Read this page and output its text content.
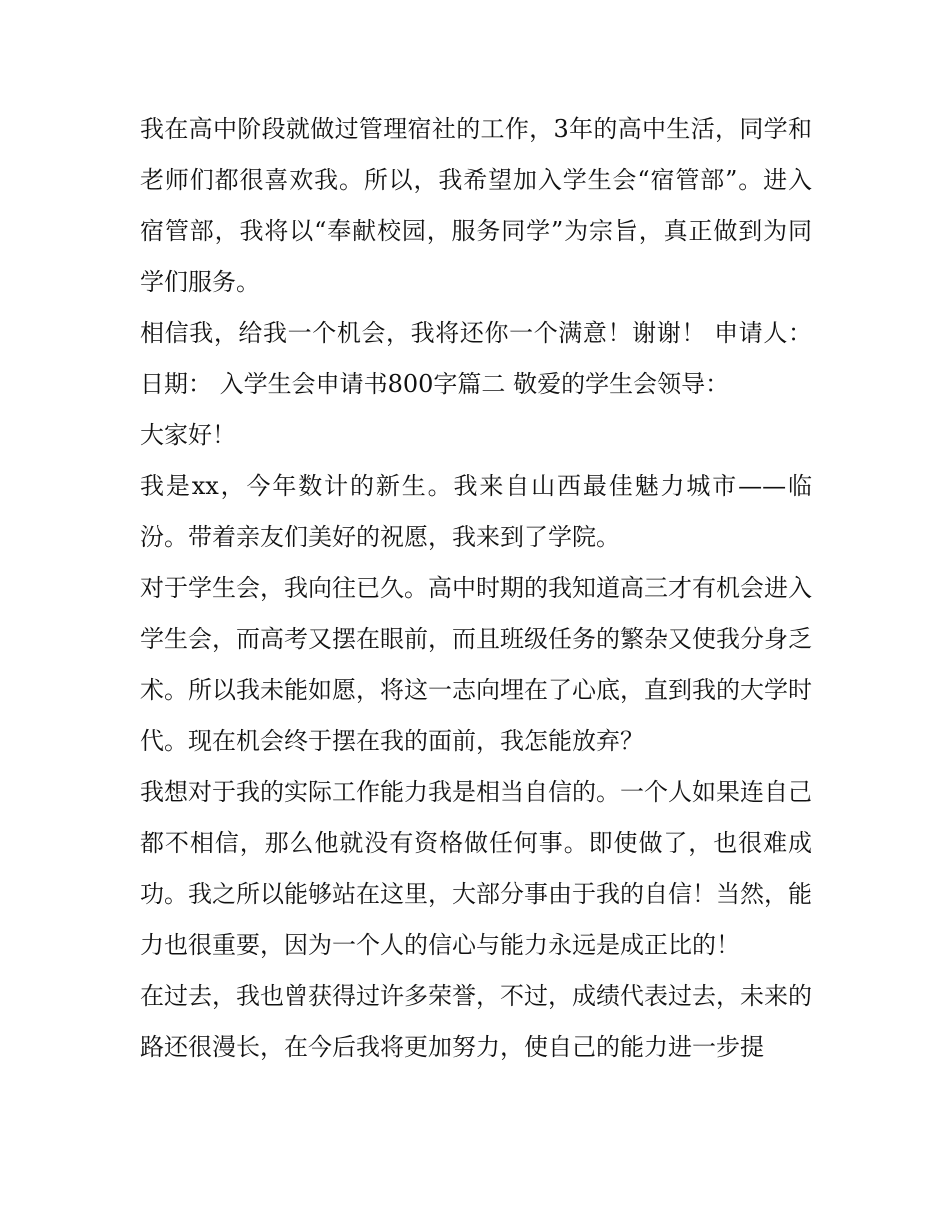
我在高中阶段就做过管理宿社的工作，3年的高中生活，同学和老师们都很喜欢我。所以，我希望加入学生会“宿管部”。进入宿管部，我将以“奉献校园，服务同学”为宗旨，真正做到为同学们服务。

相信我，给我一个机会，我将还你一个满意！谢谢！ 申请人： 日期： 入学生会申请书800字篇二 敬爱的学生会领导：

大家好！

我是xx，今年数计的新生。我来自山西最佳魅力城市——临汾。带着亲友们美好的祝愿，我来到了学院。

对于学生会，我向往已久。高中时期的我知道高三才有机会进入学生会，而高考又摆在眼前，而且班级任务的繁杂又使我分身乏术。所以我未能如愿，将这一志向埋在了心底，直到我的大学时代。现在机会终于摆在我的面前，我怎能放弃？

我想对于我的实际工作能力我是相当自信的。一个人如果连自己都不相信，那么他就没有资格做任何事。即使做了，也很难成功。我之所以能够站在这里，大部分事由于我的自信！当然，能力也很重要，因为一个人的信心与能力永远是成正比的！

在过去，我也曾获得过许多荣誉，不过，成绩代表过去，未来的路还很漫长，在今后我将更加努力，使自己的能力进一步提
